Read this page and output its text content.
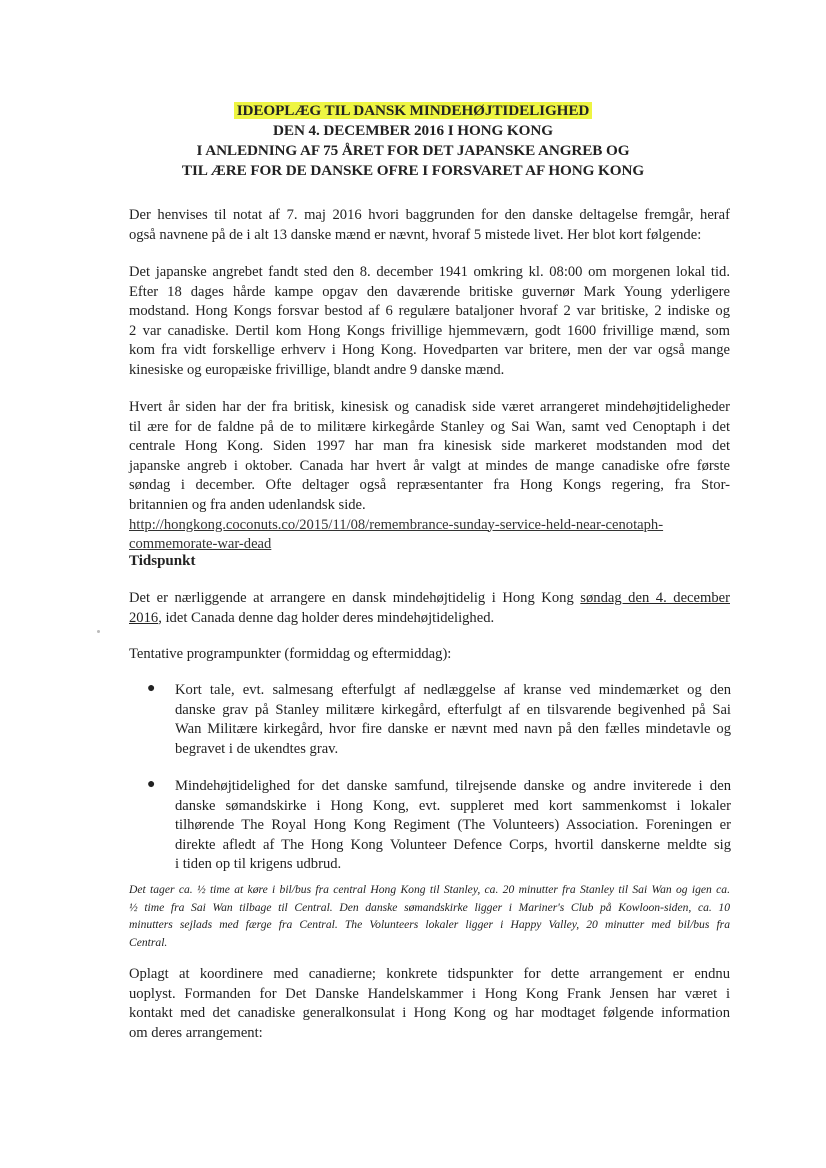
IDEOPLÆG TIL DANSK MINDEHØJTIDELIGHED
DEN 4. DECEMBER 2016 I HONG KONG
I ANLEDNING AF 75 ÅRET FOR DET JAPANSKE ANGREB OG
TIL ÆRE FOR DE DANSKE OFRE I FORSVARET AF HONG KONG
Der henvises til notat af 7. maj 2016 hvori baggrunden for den danske deltagelse fremgår, heraf
også navnene på de i alt 13 danske mænd er nævnt, hvoraf 5 mistede livet. Her blot kort følgende:
Det japanske angrebet fandt sted den 8. december 1941 omkring kl. 08:00 om morgenen lokal tid.
Efter 18 dages hårde kampe opgav den daværende britiske guvernør Mark Young yderligere
modstand. Hong Kongs forsvar bestod af 6 regulære bataljoner hvoraf 2 var britiske, 2 indiske og
2 var canadiske. Dertil kom Hong Kongs frivillige hjemmeværn, godt 1600 frivillige mænd, som
kom fra vidt forskellige erhverv i Hong Kong. Hovedparten var britere, men der var også mange
kinesiske og europæiske frivillige, blandt andre 9 danske mænd.
Hvert år siden har der fra britisk, kinesisk og canadisk side været arrangeret mindehøjtideligheder
til ære for de faldne på de to militære kirkegårde Stanley og Sai Wan, samt ved Cenoptaph i det
centrale Hong Kong. Siden 1997 har man fra kinesisk side markeret modstanden mod det
japanske angreb i oktober. Canada har hvert år valgt at mindes de mange canadiske ofre første
søndag i december. Ofte deltager også repræsentanter fra Hong Kongs regering, fra Stor-
britannien og fra anden udenlandsk side.
http://hongkong.coconuts.co/2015/11/08/remembrance-sunday-service-held-near-cenotaph-
commemorate-war-dead
Tidspunkt
Det er nærliggende at arrangere en dansk mindehøjtidelig i Hong Kong søndag den 4. december
2016, idet Canada denne dag holder deres mindehøjtidelighed.
Tentative programpunkter (formiddag og eftermiddag):
● Kort tale, evt. salmesang efterfulgt af nedlæggelse af kranse ved mindemærket og den
danske grav på Stanley militære kirkegård, efterfulgt af en tilsvarende begivenhed på Sai
Wan Militære kirkegård, hvor fire danske er nævnt med navn på den fælles mindetavle og
begravet i de ukendtes grav.
● Mindehøjtidelighed for det danske samfund, tilrejsende danske og andre inviterede i den
danske sømandskirke i Hong Kong, evt. suppleret med kort sammenkomst i lokaler
tilhørende The Royal Hong Kong Regiment (The Volunteers) Association. Foreningen er
direkte afledt af The Hong Kong Volunteer Defence Corps, hvortil danskerne meldte sig
i tiden op til krigens udbrud.
Det tager ca. ½ time at køre i bil/bus fra central Hong Kong til Stanley, ca. 20 minutter fra Stanley til Sai Wan og igen ca.
½ time fra Sai Wan tilbage til Central. Den danske sømandskirke ligger i Mariner's Club på Kowloon-siden, ca. 10
minutters sejlads med færge fra Central. The Volunteers lokaler ligger i Happy Valley, 20 minutter med bil/bus fra
Central.
Oplagt at koordinere med canadierne; konkrete tidspunkter for dette arrangement er endnu
uoplyst. Formanden for Det Danske Handelskammer i Hong Kong Frank Jensen har været i
kontakt med det canadiske generalkonsulat i Hong Kong og har modtaget følgende information
om deres arrangement:
